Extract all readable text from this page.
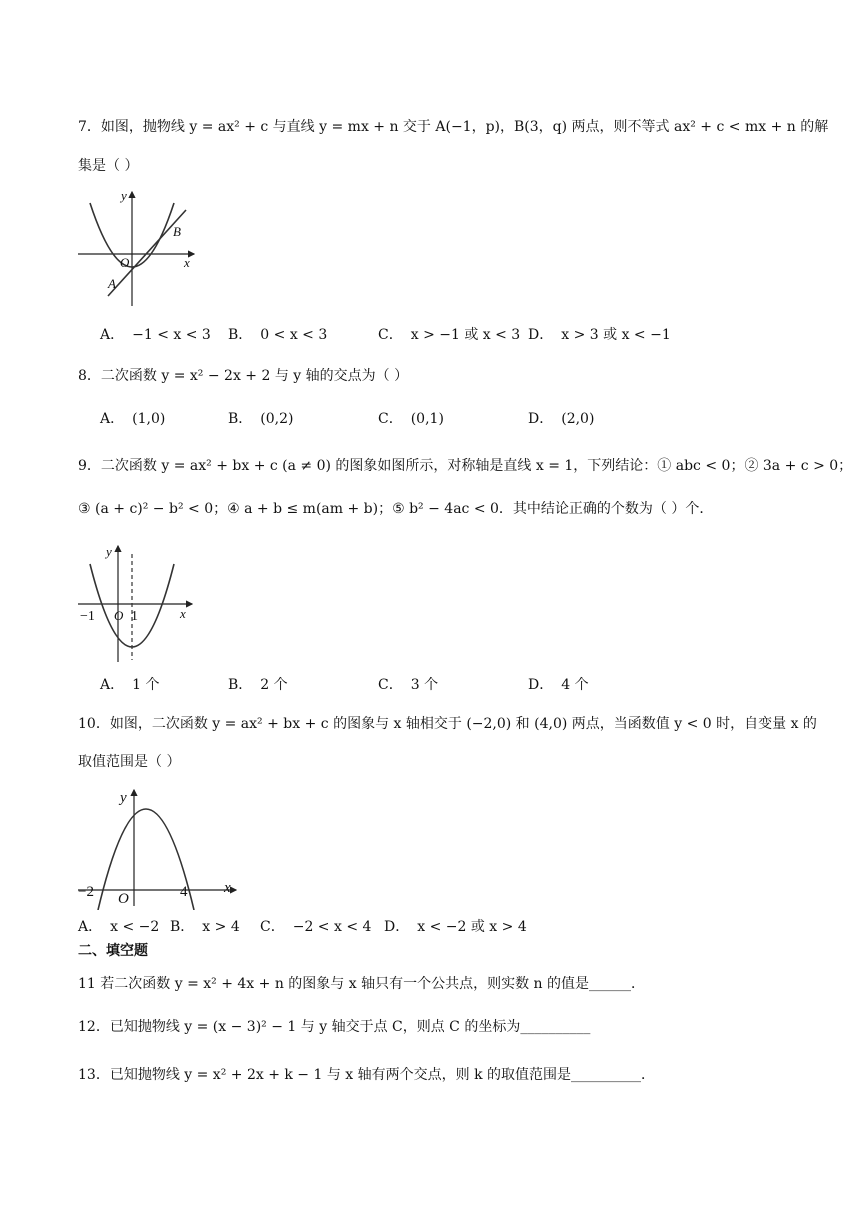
7．如图，抛物线 y = ax² + c 与直线 y = mx + n 交于 A(−1，p)，B(3，q) 两点，则不等式 ax² + c < mx + n 的解
集是（ ）
y
x
O
A
B
A． −1 < x < 3 B． 0 < x < 3	C． x > −1 或 x < 3 D． x > 3 或 x < −1
8．二次函数 y = x² − 2x + 2 与 y 轴的交点为（ ）
A． (1,0)	B． (0,2)	C． (0,1)	D． (2,0)
9．二次函数 y = ax² + bx + c (a ≠ 0) 的图象如图所示，对称轴是直线 x = 1，下列结论：① abc < 0；② 3a + c > 0；
③ (a + c)² − b² < 0；④ a + b ≤ m(am + b)；⑤ b² − 4ac < 0．其中结论正确的个数为（ ）个．
y
x
O
−1	1
A． 1 个	B． 2 个	C． 3 个	D． 4 个
10．如图，二次函数 y = ax² + bx + c 的图象与 x 轴相交于 (−2,0) 和 (4,0) 两点，当函数值 y < 0 时，自变量 x 的
取值范围是（ ）
y
x
O
−2	4
A． x < −2 B． x > 4 C． −2 < x < 4 D． x < −2 或 x > 4
二、填空题
11 若二次函数 y = x² + 4x + n 的图象与 x 轴只有一个公共点，则实数 n 的值是______．
12．已知抛物线 y = (x − 3)² − 1 与 y 轴交于点 C，则点 C 的坐标为__________
13．已知抛物线 y = x² + 2x + k − 1 与 x 轴有两个交点，则 k 的取值范围是__________．
